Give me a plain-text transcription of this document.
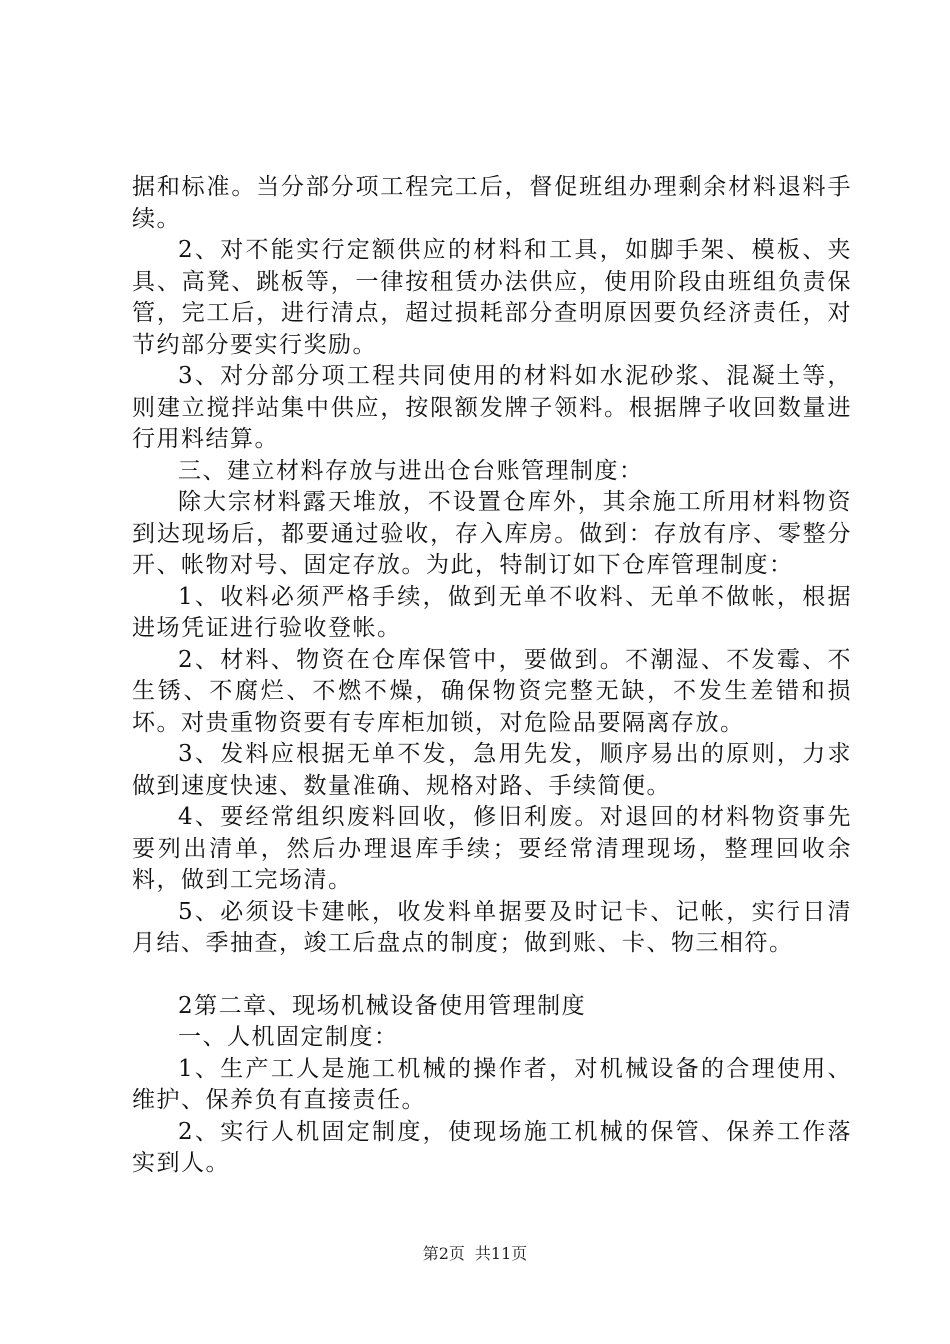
据和标准。当分部分项工程完工后，督促班组办理剩余材料退料手续。

2、对不能实行定额供应的材料和工具，如脚手架、模板、夹具、高凳、跳板等，一律按租赁办法供应，使用阶段由班组负责保管，完工后，进行清点，超过损耗部分查明原因要负经济责任，对节约部分要实行奖励。

3、对分部分项工程共同使用的材料如水泥砂浆、混凝土等，则建立搅拌站集中供应，按限额发牌子领料。根据牌子收回数量进行用料结算。

三、建立材料存放与进出仓台账管理制度：

除大宗材料露天堆放，不设置仓库外，其余施工所用材料物资到达现场后，都要通过验收，存入库房。做到：存放有序、零整分开、帐物对号、固定存放。为此，特制订如下仓库管理制度：

1、收料必须严格手续，做到无单不收料、无单不做帐，根据进场凭证进行验收登帐。

2、材料、物资在仓库保管中，要做到。不潮湿、不发霉、不生锈、不腐烂、不燃不燥，确保物资完整无缺，不发生差错和损坏。对贵重物资要有专库柜加锁，对危险品要隔离存放。

3、发料应根据无单不发，急用先发，顺序易出的原则，力求做到速度快速、数量准确、规格对路、手续简便。

4、要经常组织废料回收，修旧利废。对退回的材料物资事先要列出清单，然后办理退库手续；要经常清理现场，整理回收余料，做到工完场清。

5、必须设卡建帐，收发料单据要及时记卡、记帐，实行日清月结、季抽查，竣工后盘点的制度；做到账、卡、物三相符。

2第二章、现场机械设备使用管理制度

一、人机固定制度：

1、生产工人是施工机械的操作者，对机械设备的合理使用、维护、保养负有直接责任。

2、实行人机固定制度，使现场施工机械的保管、保养工作落实到人。

第2页 共11页
